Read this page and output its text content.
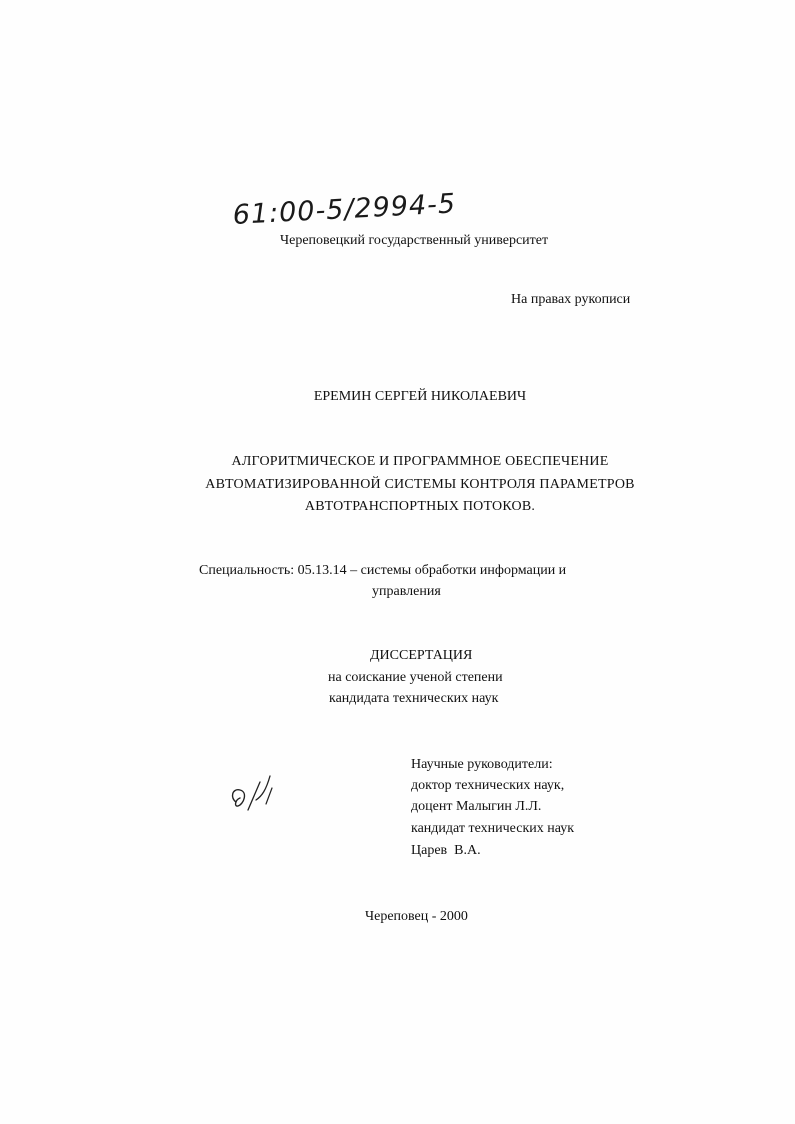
61:00-5/2994-5
Череповецкий государственный университет
На правах рукописи
ЕРЕМИН СЕРГЕЙ НИКОЛАЕВИЧ
АЛГОРИТМИЧЕСКОЕ И ПРОГРАММНОЕ ОБЕСПЕЧЕНИЕ
АВТОМАТИЗИРОВАННОЙ СИСТЕМЫ КОНТРОЛЯ ПАРАМЕТРОВ
АВТОТРАНСПОРТНЫХ ПОТОКОВ.
Специальность: 05.13.14 – системы обработки информации и
управления
ДИССЕРТАЦИЯ
на соискание ученой степени
кандидата технических наук
Научные руководители:
доктор технических наук,
доцент Малыгин Л.Л.
кандидат технических наук
Царев  В.А.
Череповец - 2000
